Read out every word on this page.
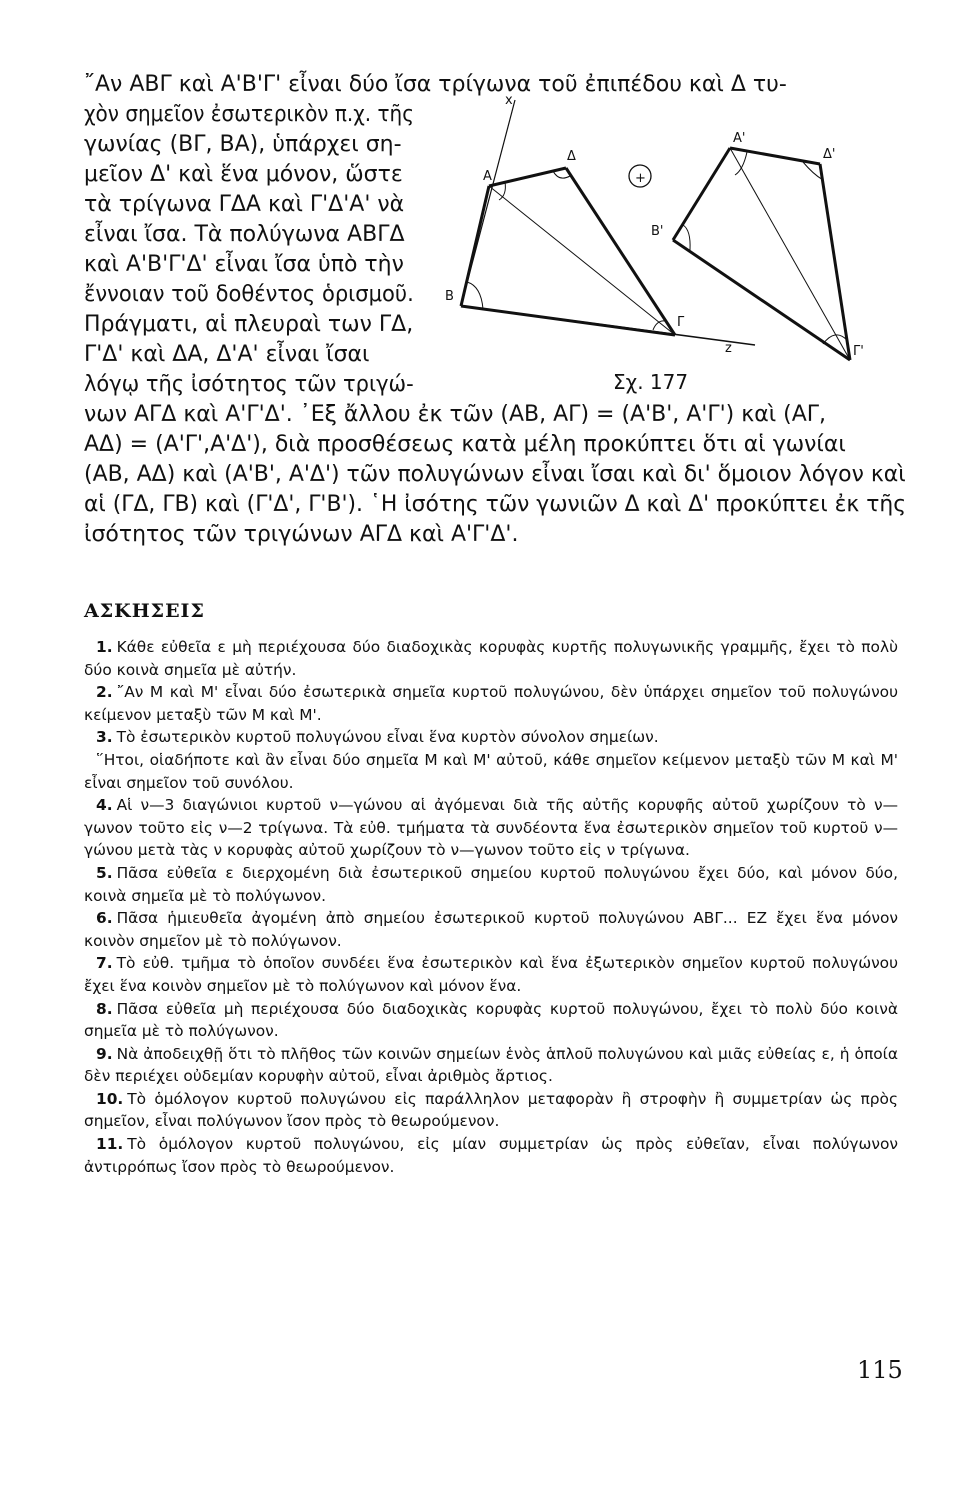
῎Αν ΑΒΓ καὶ Α'Β'Γ' εἶναι δύο ἴσα τρίγωνα τοῦ ἐπιπέδου καὶ Δ τυ-
χὸν σημεῖον ἐσωτερικὸν π.χ. τῆς
γωνίας (ΒΓ, ΒΑ), ὑπάρχει ση-
μεῖον Δ' καὶ ἕνα μόνον, ὥστε
τὰ τρίγωνα ΓΔΑ καὶ Γ'Δ'Α' νὰ
εἶναι ἴσα. Τὰ πολύγωνα ΑΒΓΔ
καὶ Α'Β'Γ'Δ' εἶναι ἴσα ὑπὸ τὴν
ἔννοιαν τοῦ δοθέντος ὁρισμοῦ.
Πράγματι, αἱ πλευραὶ των ΓΔ,
Γ'Δ' καὶ ΔΑ, Δ'Α' εἶναι ἴσαι
λόγῳ τῆς ἰσότητος τῶν τριγώ-
νων ΑΓΔ καὶ Α'Γ'Δ'. ᾽Εξ ἄλλου ἐκ τῶν (ΑΒ, ΑΓ) = (Α'Β', Α'Γ') καὶ (ΑΓ,
ΑΔ) = (Α'Γ',Α'Δ'), διὰ προσθέσεως κατὰ μέλη προκύπτει ὅτι αἱ γωνίαι
(ΑΒ, ΑΔ) καὶ (Α'Β', Α'Δ') τῶν πολυγώνων εἶναι ἴσαι καὶ δι' ὅμοιον λόγον καὶ
αἱ (ΓΔ, ΓΒ) καὶ (Γ'Δ', Γ'Β'). ῾Η ἰσότης τῶν γωνιῶν Δ καὶ Δ' προκύπτει ἐκ τῆς
ἰσότητος τῶν τριγώνων ΑΓΔ καὶ Α'Γ'Δ'.
x
Α
Δ
Β
Γ
z
+
Α'
Β'
Δ'
Γ'
Σχ. 177
ΑΣΚΗΣΕΙΣ

1. Κάθε εὐθεῖα ε μὴ περιέχουσα δύο διαδοχικὰς κορυφὰς κυρτῆς πολυγωνικῆς γραμμῆς, ἔχει τὸ πολὺ δύο κοινὰ σημεῖα μὲ αὐτήν.

2. ῎Αν Μ καὶ Μ' εἶναι δύο ἐσωτερικὰ σημεῖα κυρτοῦ πολυγώνου, δὲν ὑπάρχει σημεῖον τοῦ πολυγώνου κείμενον μεταξὺ τῶν Μ καὶ Μ'.

3. Τὸ ἐσωτερικὸν κυρτοῦ πολυγώνου εἶναι ἕνα κυρτὸν σύνολον σημείων.

῞Ητοι, οἱαδήποτε καὶ ἂν εἶναι δύο σημεῖα Μ καὶ Μ' αὐτοῦ, κάθε σημεῖον κείμενον μεταξὺ τῶν Μ καὶ Μ' εἶναι σημεῖον τοῦ συνόλου.

4. Αἱ ν—3 διαγώνιοι κυρτοῦ ν—γώνου αἱ ἀγόμεναι διὰ τῆς αὐτῆς κορυφῆς αὐτοῦ χωρίζουν τὸ ν—γωνον τοῦτο εἰς ν—2 τρίγωνα. Τὰ εὐθ. τμήματα τὰ συνδέοντα ἕνα ἐσωτερικὸν σημεῖον τοῦ κυρτοῦ ν—γώνου μετὰ τὰς ν κορυφὰς αὐτοῦ χωρίζουν τὸ ν—γωνον τοῦτο εἰς ν τρίγωνα.

5. Πᾶσα εὐθεῖα ε διερχομένη διὰ ἐσωτερικοῦ σημείου κυρτοῦ πολυγώνου ἔχει δύο, καὶ μόνον δύο, κοινὰ σημεῖα μὲ τὸ πολύγωνον.

6. Πᾶσα ἡμιευθεῖα ἀγομένη ἀπὸ σημείου ἐσωτερικοῦ κυρτοῦ πολυγώνου ΑΒΓ... ΕΖ ἔχει ἕνα μόνον κοινὸν σημεῖον μὲ τὸ πολύγωνον.

7. Τὸ εὐθ. τμῆμα τὸ ὁποῖον συνδέει ἕνα ἐσωτερικὸν καὶ ἕνα ἐξωτερικὸν σημεῖον κυρτοῦ πολυγώνου ἔχει ἕνα κοινὸν σημεῖον μὲ τὸ πολύγωνον καὶ μόνον ἕνα.

8. Πᾶσα εὐθεῖα μὴ περιέχουσα δύο διαδοχικὰς κορυφὰς κυρτοῦ πολυγώνου, ἔχει τὸ πολὺ δύο κοινὰ σημεῖα μὲ τὸ πολύγωνον.

9. Νὰ ἀποδειχθῇ ὅτι τὸ πλῆθος τῶν κοινῶν σημείων ἑνὸς ἁπλοῦ πολυγώνου καὶ μιᾶς εὐθείας ε, ἡ ὁποία δὲν περιέχει οὐδεμίαν κορυφὴν αὐτοῦ, εἶναι ἀριθμὸς ἄρτιος.

10. Τὸ ὁμόλογον κυρτοῦ πολυγώνου εἰς παράλληλον μεταφορὰν ἢ στροφὴν ἢ συμμετρίαν ὡς πρὸς σημεῖον, εἶναι πολύγωνον ἴσον πρὸς τὸ θεωρούμενον.

11. Τὸ ὁμόλογον κυρτοῦ πολυγώνου, εἰς μίαν συμμετρίαν ὡς πρὸς εὐθεῖαν, εἶναι πολύγωνον ἀντιρρόπως ἴσον πρὸς τὸ θεωρούμενον.

115
